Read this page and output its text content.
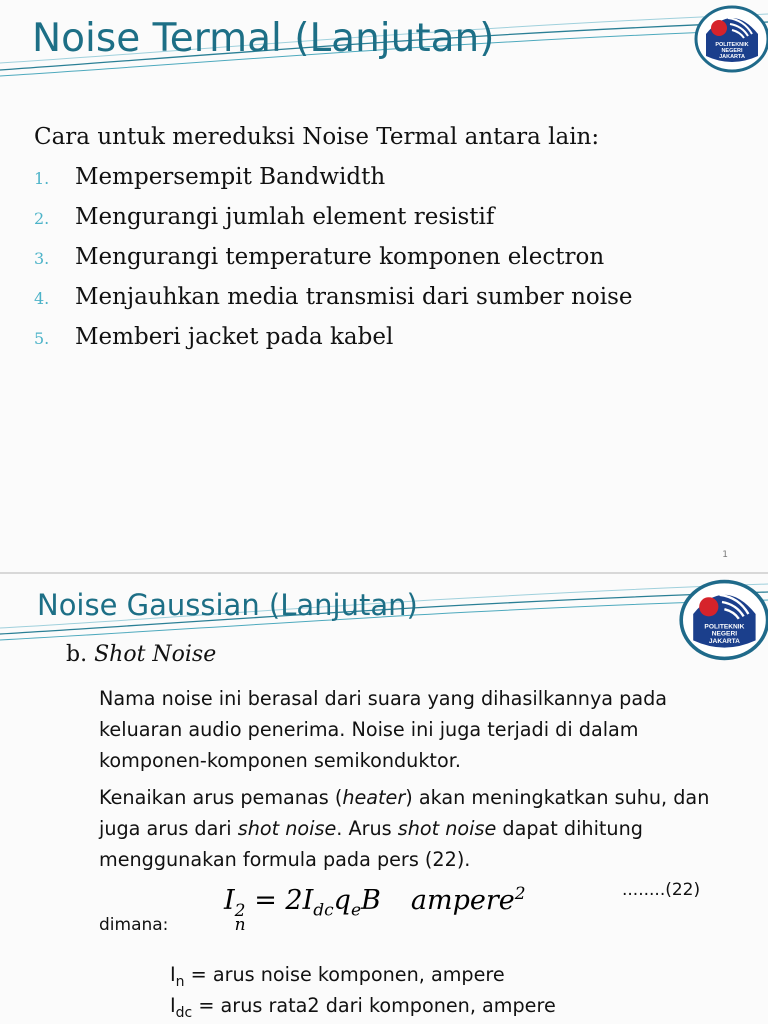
Noise Termal (Lanjutan)	POLITEKNIK
NEGERI
JAKARTA
Cara untuk mereduksi Noise Termal antara lain:
1.	Mempersempit Bandwidth
2.	Mengurangi jumlah element resistif
3.	Mengurangi temperature komponen electron
4.	Menjauhkan media transmisi dari sumber noise
5.	Memberi jacket pada kabel
1
Noise Gaussian (Lanjutan)
POLITEKNIK
NEGERI
JAKARTA
b. Shot Noise
Nama noise ini berasal dari suara yang dihasilkannya pada keluaran audio penerima. Noise ini juga terjadi di dalam komponen-komponen semikonduktor.
Kenaikan arus pemanas (heater) akan meningkatkan suhu, dan juga arus dari shot noise. Arus shot noise dapat dihitung menggunakan formula pada pers (22).
I 2
n
= $2I_{dc}q_eB$ ampere$^2$	........(22)
dimana:
$I_n$ = arus noise komponen, ampere
$I_{dc}$ = arus rata2 dari komponen, ampere
